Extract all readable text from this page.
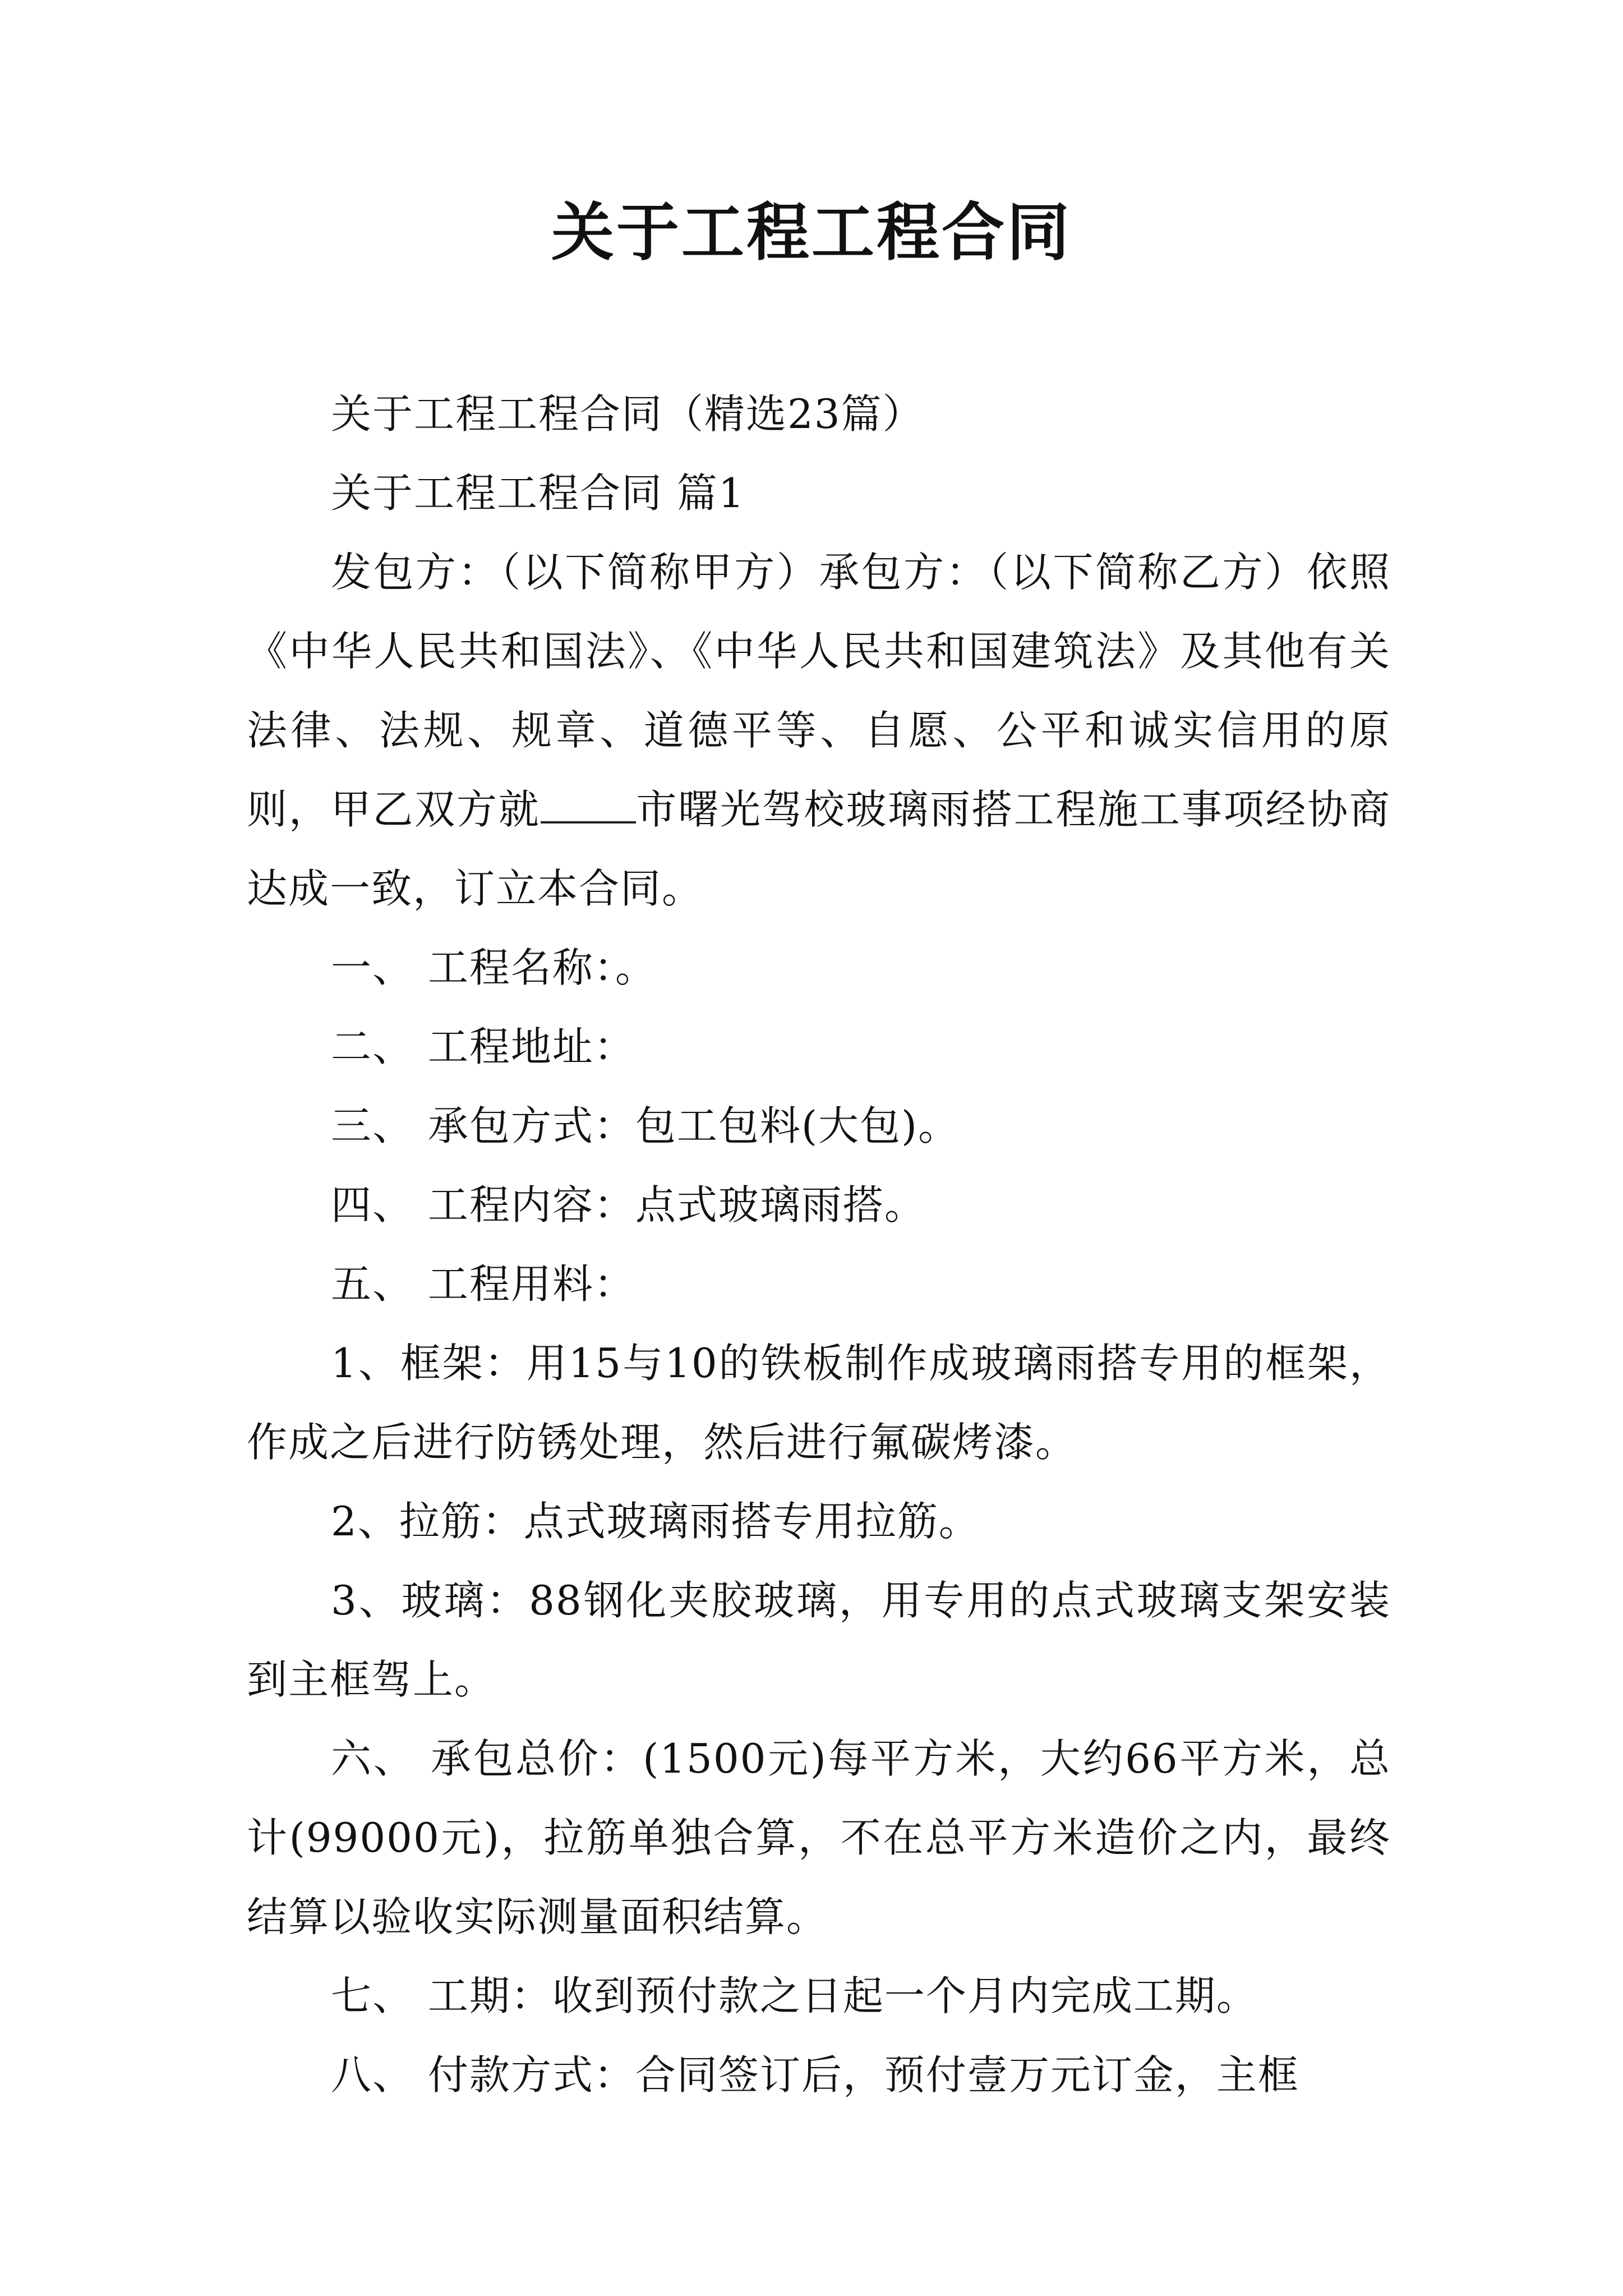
关于工程工程合同

关于工程工程合同（精选23篇）

关于工程工程合同 篇1

发包方：（以下简称甲方）承包方：（以下简称乙方）依照《中华人民共和国法》、《中华人民共和国建筑法》及其他有关法律、法规、规章、道德平等、自愿、公平和诚实信用的原则，甲乙双方就 市曙光驾校玻璃雨搭工程施工事项经协商达成一致，订立本合同。

一、 工程名称：。

二、 工程地址：

三、 承包方式：包工包料(大包)。

四、 工程内容：点式玻璃雨搭。

五、 工程用料：

1、框架：用15与10的铁板制作成玻璃雨搭专用的框架，作成之后进行防锈处理，然后进行氟碳烤漆。

2、拉筋：点式玻璃雨搭专用拉筋。

3、玻璃：88钢化夹胶玻璃，用专用的点式玻璃支架安装到主框驾上。

六、 承包总价：(1500元)每平方米，大约66平方米，总计(99000元)，拉筋单独合算，不在总平方米造价之内，最终结算以验收实际测量面积结算。

七、 工期：收到预付款之日起一个月内完成工期。

八、 付款方式：合同签订后，预付壹万元订金，主框
